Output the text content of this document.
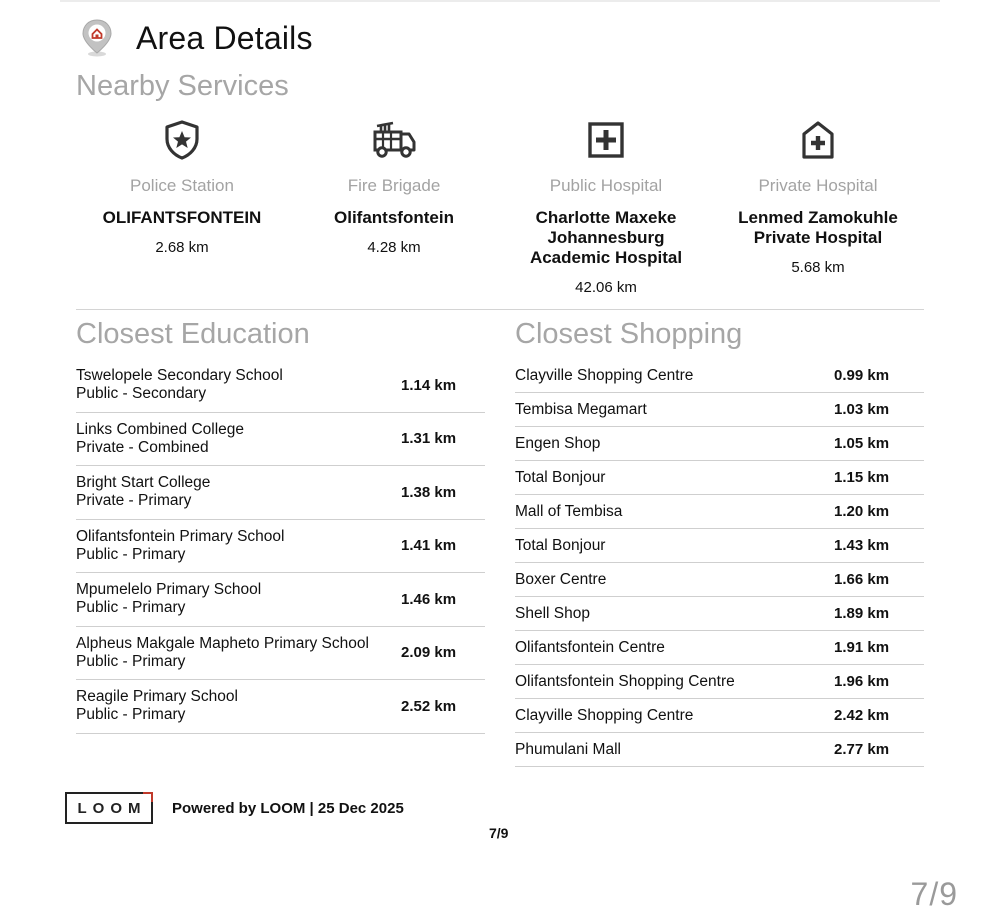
Area Details
Nearby Services
Police Station
OLIFANTSFONTEIN
2.68 km
Fire Brigade
Olifantsfontein
4.28 km
Public Hospital
Charlotte Maxeke Johannesburg Academic Hospital
42.06 km
Private Hospital
Lenmed Zamokuhle Private Hospital
5.68 km
Closest Education	Closest Shopping
Tswelopele Secondary School
Public - Secondary	1.14 km
Links Combined College
Private - Combined	1.31 km
Bright Start College
Private - Primary	1.38 km
Olifantsfontein Primary School
Public - Primary	1.41 km
Mpumelelo Primary School
Public - Primary	1.46 km
Alpheus Makgale Mapheto Primary School
Public - Primary	2.09 km
Reagile Primary School
Public - Primary	2.52 km
Clayville Shopping Centre	0.99 km
Tembisa Megamart	1.03 km
Engen Shop	1.05 km
Total Bonjour	1.15 km
Mall of Tembisa	1.20 km
Total Bonjour	1.43 km
Boxer Centre	1.66 km
Shell Shop	1.89 km
Olifantsfontein Centre	1.91 km
Olifantsfontein Shopping Centre	1.96 km
Clayville Shopping Centre	2.42 km
Phumulani Mall	2.77 km
LOOM Powered by LOOM | 25 Dec 2025
7/9
7/9
